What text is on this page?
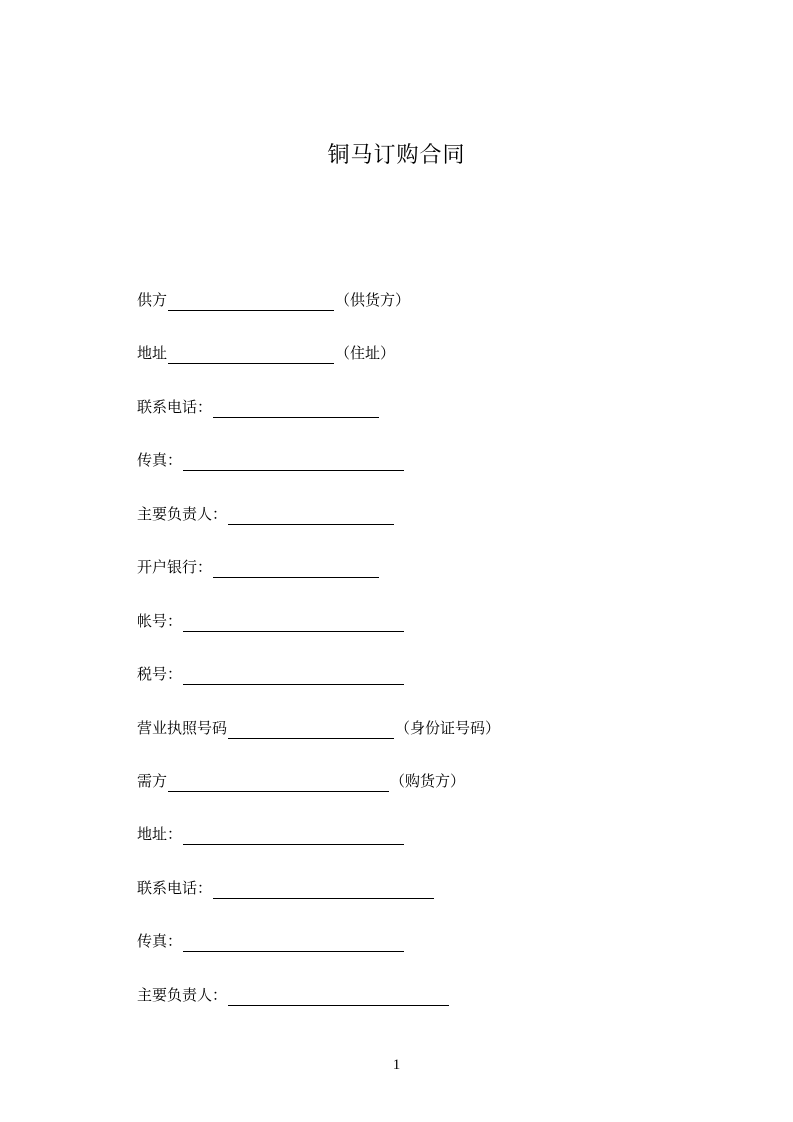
铜马订购合同
供方	（供货方）
地址	（住址）
联系电话：
传真：
主要负责人：
开户银行：
帐号：
税号：
营业执照号码	（身份证号码）
需方	（购货方）
地址：
联系电话：
传真：
主要负责人：
1
